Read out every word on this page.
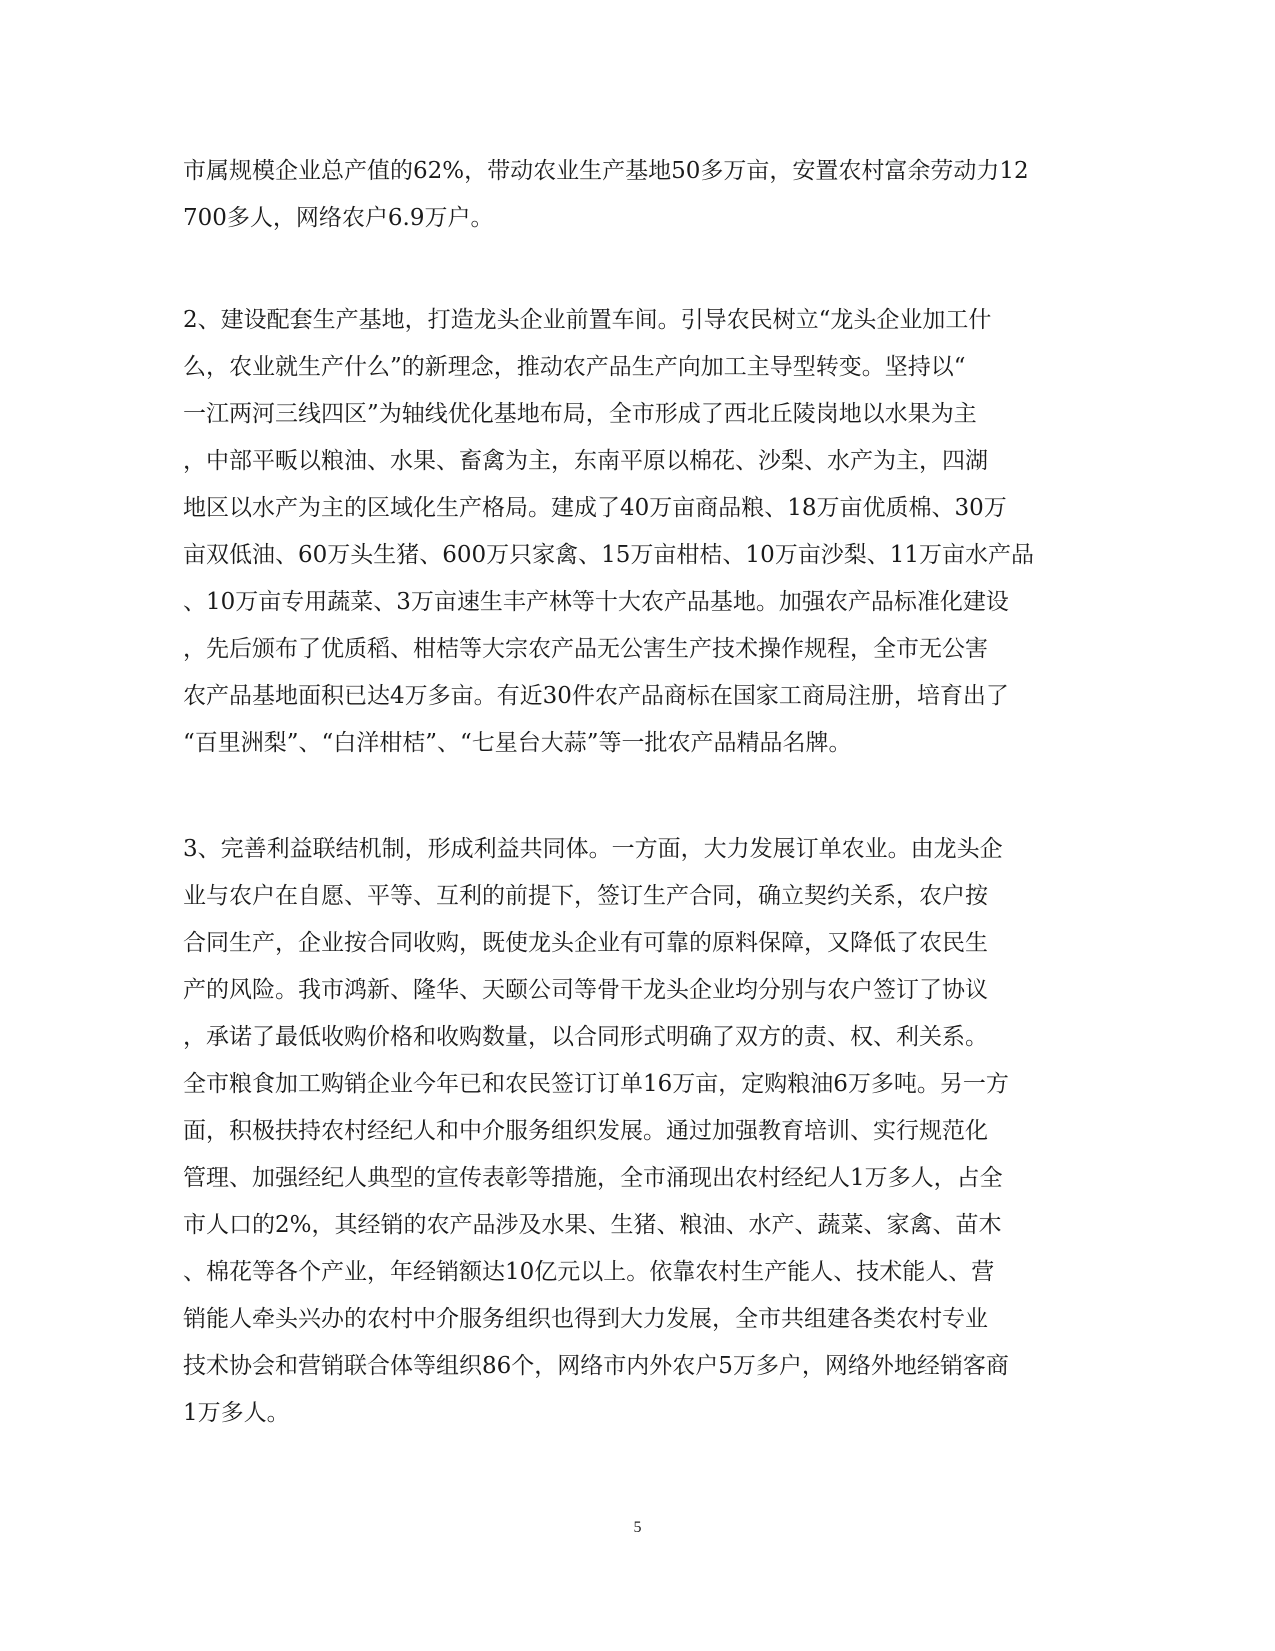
市属规模企业总产值的62%，带动农业生产基地50多万亩，安置农村富余劳动力12
700多人，网络农户6.9万户。
2、建设配套生产基地，打造龙头企业前置车间。引导农民树立“龙头企业加工什
么，农业就生产什么”的新理念，推动农产品生产向加工主导型转变。坚持以“
一江两河三线四区”为轴线优化基地布局，全市形成了西北丘陵岗地以水果为主
，中部平畈以粮油、水果、畜禽为主，东南平原以棉花、沙梨、水产为主，四湖
地区以水产为主的区域化生产格局。建成了40万亩商品粮、18万亩优质棉、30万
亩双低油、60万头生猪、600万只家禽、15万亩柑桔、10万亩沙梨、11万亩水产品
、10万亩专用蔬菜、3万亩速生丰产林等十大农产品基地。加强农产品标准化建设
，先后颁布了优质稻、柑桔等大宗农产品无公害生产技术操作规程，全市无公害
农产品基地面积已达4万多亩。有近30件农产品商标在国家工商局注册，培育出了
“百里洲梨”、“白洋柑桔”、“七星台大蒜”等一批农产品精品名牌。
3、完善利益联结机制，形成利益共同体。一方面，大力发展订单农业。由龙头企
业与农户在自愿、平等、互利的前提下，签订生产合同，确立契约关系，农户按
合同生产，企业按合同收购，既使龙头企业有可靠的原料保障，又降低了农民生
产的风险。我市鸿新、隆华、天颐公司等骨干龙头企业均分别与农户签订了协议
，承诺了最低收购价格和收购数量，以合同形式明确了双方的责、权、利关系。
全市粮食加工购销企业今年已和农民签订订单16万亩，定购粮油6万多吨。另一方
面，积极扶持农村经纪人和中介服务组织发展。通过加强教育培训、实行规范化
管理、加强经纪人典型的宣传表彰等措施，全市涌现出农村经纪人1万多人，占全
市人口的2%，其经销的农产品涉及水果、生猪、粮油、水产、蔬菜、家禽、苗木
、棉花等各个产业，年经销额达10亿元以上。依靠农村生产能人、技术能人、营
销能人牵头兴办的农村中介服务组织也得到大力发展，全市共组建各类农村专业
技术协会和营销联合体等组织86个，网络市内外农户5万多户，网络外地经销客商
1万多人。
5
